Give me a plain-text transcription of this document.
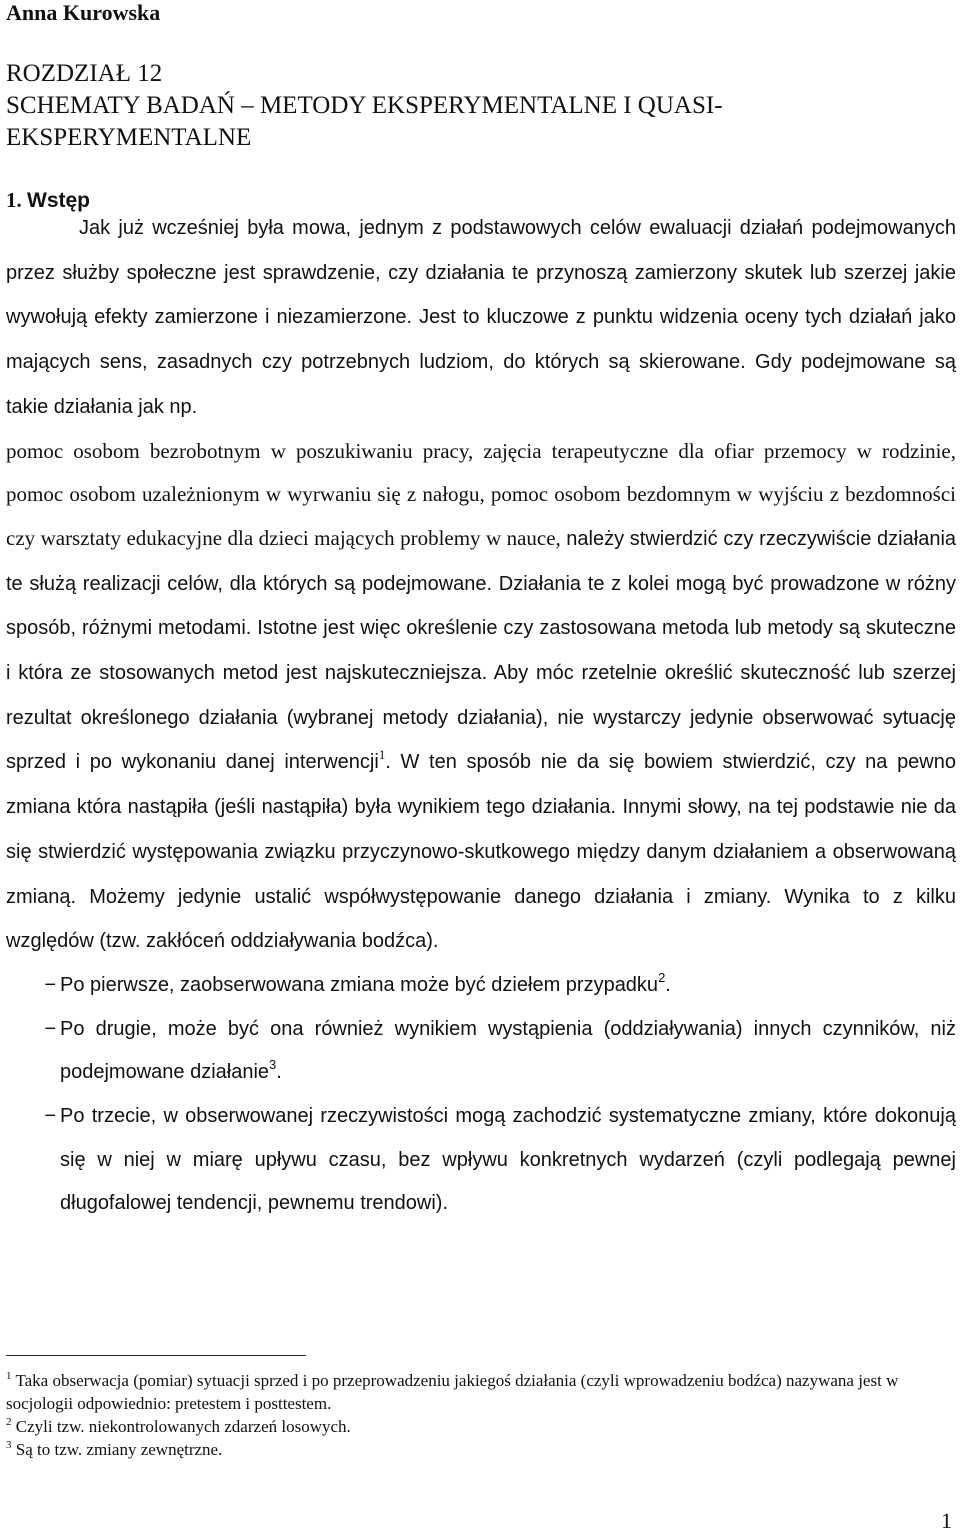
Anna Kurowska
ROZDZIAŁ 12
SCHEMATY BADAŃ – METODY EKSPERYMENTALNE I QUASI-
EKSPERYMENTALNE
1. Wstęp

Jak już wcześniej była mowa, jednym z podstawowych celów ewaluacji działań podejmowanych przez służby społeczne jest sprawdzenie, czy działania te przynoszą zamierzony skutek lub szerzej jakie wywołują efekty zamierzone i niezamierzone. Jest to kluczowe z punktu widzenia oceny tych działań jako mających sens, zasadnych czy potrzebnych ludziom, do których są skierowane. Gdy podejmowane są takie działania jak np.
pomoc osobom bezrobotnym w poszukiwaniu pracy, zajęcia terapeutyczne dla ofiar przemocy w rodzinie, pomoc osobom uzależnionym w wyrwaniu się z nałogu, pomoc osobom bezdomnym w wyjściu z bezdomności czy warsztaty edukacyjne dla dzieci mających problemy w nauce, należy stwierdzić czy rzeczywiście działania te służą realizacji celów, dla których są podejmowane. Działania te z kolei mogą być prowadzone w różny sposób, różnymi metodami. Istotne jest więc określenie czy zastosowana metoda lub metody są skuteczne i która ze stosowanych metod jest najskuteczniejsza. Aby móc rzetelnie określić skuteczność lub szerzej rezultat określonego działania (wybranej metody działania), nie wystarczy jedynie obserwować sytuację sprzed i po wykonaniu danej interwencji$^1$. W ten sposób nie da się bowiem stwierdzić, czy na pewno zmiana która nastąpiła (jeśli nastąpiła) była wynikiem tego działania. Innymi słowy, na tej podstawie nie da się stwierdzić występowania związku przyczynowo-skutkowego między danym działaniem a obserwowaną zmianą. Możemy jedynie ustalić współwystępowanie danego działania i zmiany. Wynika to z kilku względów (tzw. zakłóceń oddziaływania bodźca).

− Po pierwsze, zaobserwowana zmiana może być dziełem przypadku$^2$.
− Po drugie, może być ona również wynikiem wystąpienia (oddziaływania) innych czynników, niż podejmowane działanie$^3$.
− Po trzecie, w obserwowanej rzeczywistości mogą zachodzić systematyczne zmiany, które dokonują się w niej w miarę upływu czasu, bez wpływu konkretnych wydarzeń (czyli podlegają pewnej długofalowej tendencji, pewnemu trendowi).
$^1$ Taka obserwacja (pomiar) sytuacji sprzed i po przeprowadzeniu jakiegoś działania (czyli wprowadzeniu bodźca) nazywana jest w socjologii odpowiednio: pretestem i posttestem.
$^2$ Czyli tzw. niekontrolowanych zdarzeń losowych.
$^3$ Są to tzw. zmiany zewnętrzne.
1
